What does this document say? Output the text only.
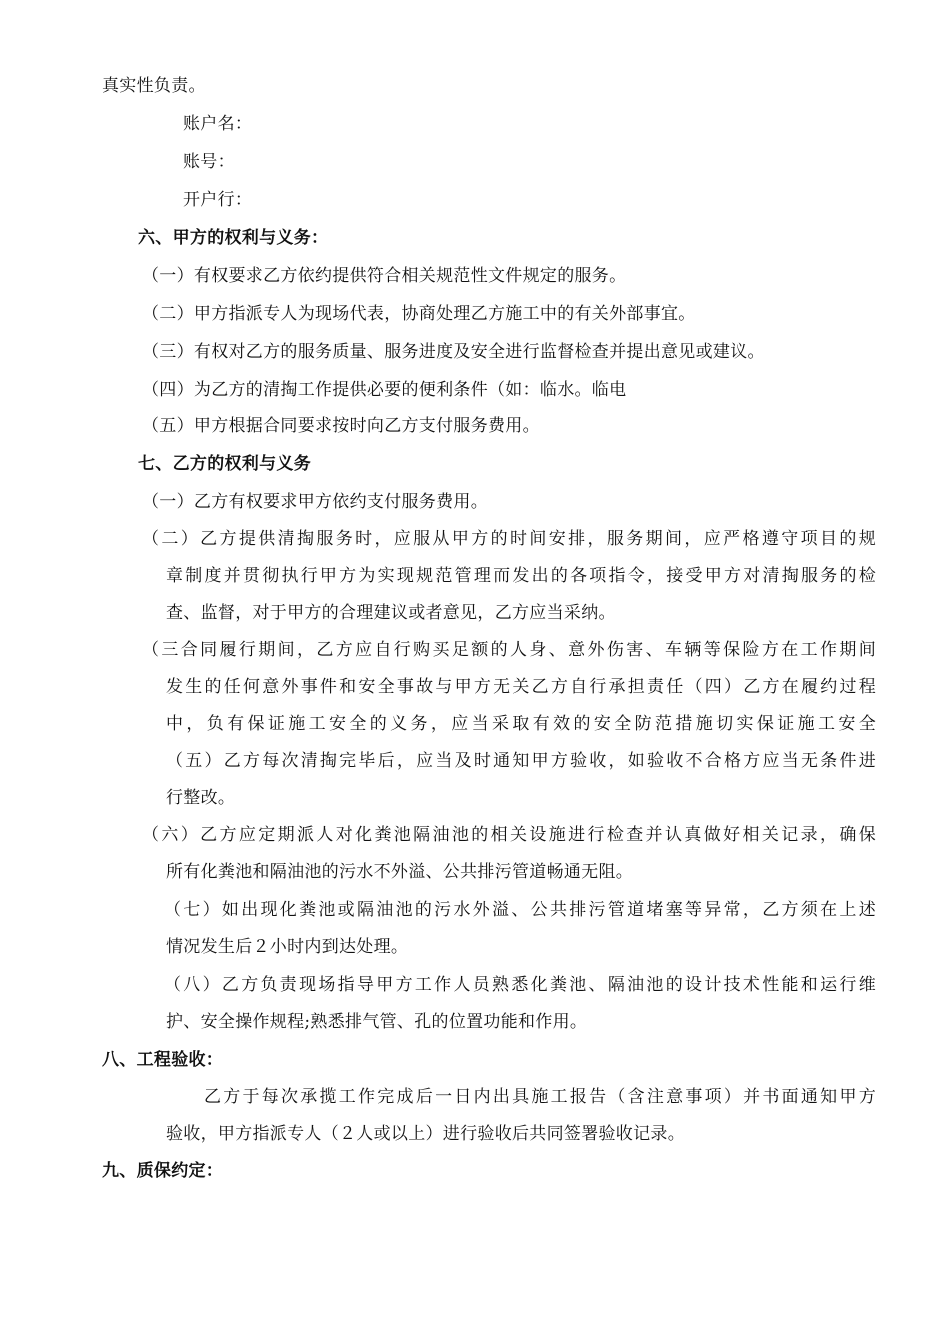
真实性负责。
账户名：
账号：
开户行：
六、甲方的权利与义务：
（一）有权要求乙方依约提供符合相关规范性文件规定的服务。
（二）甲方指派专人为现场代表，协商处理乙方施工中的有关外部事宜。
（三）有权对乙方的服务质量、服务进度及安全进行监督检查并提出意见或建议。
（四）为乙方的清掏工作提供必要的便利条件（如：临水。临电
（五）甲方根据合同要求按时向乙方支付服务费用。
七、乙方的权利与义务
（一）乙方有权要求甲方依约支付服务费用。
（二）乙方提供清掏服务时，应服从甲方的时间安排，服务期间，应严格遵守项目的规
章制度并贯彻执行甲方为实现规范管理而发出的各项指令，接受甲方对清掏服务的检
查、监督，对于甲方的合理建议或者意见，乙方应当采纳。
（三合同履行期间，乙方应自行购买足额的人身、意外伤害、车辆等保险方在工作期间
发生的任何意外事件和安全事故与甲方无关乙方自行承担责任（四）乙方在履约过程
中，负有保证施工安全的义务，应当采取有效的安全防范措施切实保证施工安全
（五）乙方每次清掏完毕后，应当及时通知甲方验收，如验收不合格方应当无条件进
行整改。
（六）乙方应定期派人对化粪池隔油池的相关设施进行检查并认真做好相关记录，确保
所有化粪池和隔油池的污水不外溢、公共排污管道畅通无阻。
（七）如出现化粪池或隔油池的污水外溢、公共排污管道堵塞等异常，乙方须在上述
情况发生后２小时内到达处理。
（八）乙方负责现场指导甲方工作人员熟悉化粪池、隔油池的设计技术性能和运行维
护、安全操作规程;熟悉排气管、孔的位置功能和作用。
八、工程验收：
乙方于每次承揽工作完成后一日内出具施工报告（含注意事项）并书面通知甲方
验收，甲方指派专人（２人或以上）进行验收后共同签署验收记录。
九、质保约定：
